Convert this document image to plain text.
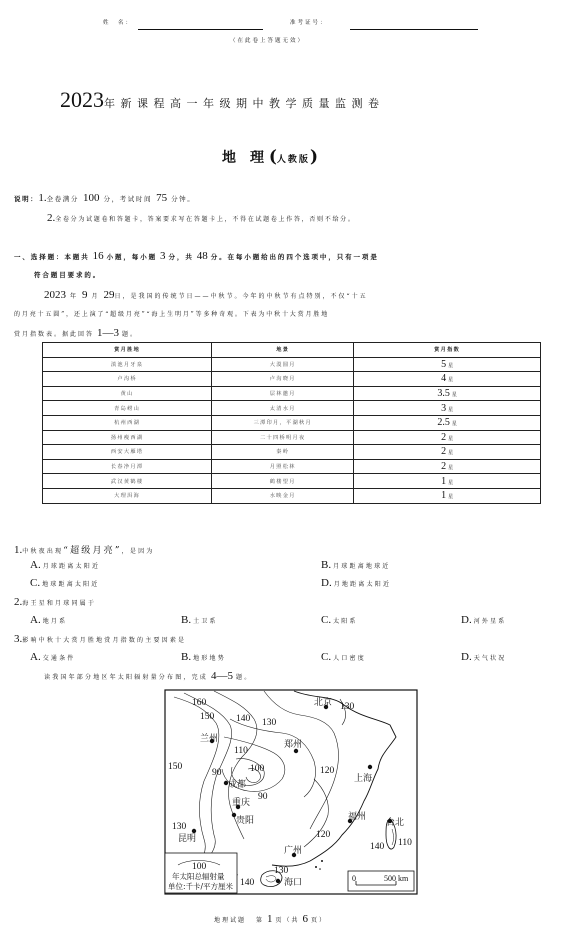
姓　名：	准考证号：
（在此卷上答题无效）
2023年新课程高一年级期中教学质量监测卷
地　理 (人教版)
说明：1.全卷满分 100 分，考试时间 75 分钟。
2.全卷分为试题卷和答题卡，答案要求写在答题卡上，不得在试题卷上作答，否则不给分。
一、选择题：本题共 16 小题，每小题 3 分，共 48 分。在每小题给出的四个选项中，只有一项是
符合题目要求的。
2023 年 9 月 29日，是我国的传统节日——中秋节。今年的中秋节有点特别，不仅“十五
的月亮十五圆”，还上演了“超级月亮”“海上生明月”等多种奇观。下表为中秋十大赏月胜地
赏月指数表。据此回答 1—3 题。
赏月胜地	地景	赏月指数
滇池月牙泉	大漠圆月	5 星
卢沟桥	卢沟晓月	4 星
黄山	层林邀月	3.5 星
青岛崂山	太清水月	3 星
杭州西湖	三潭印月，平湖秋月	2.5 星
扬州瘦西湖	二十四桥明月夜	2 星
西安大雁塔	秦岭	2 星
长春净月潭	月照松林	2 星
武汉黄鹤楼	鹤楼望月	1 星
大理洱海	水映金月	1 星
1.中秋夜出现“超级月亮”，是因为
A. 月球距离太阳近	B. 月球距离地球近
C. 地球距离太阳近	D. 月地距离太阳近
2.海王星和月球同属于
A. 地月系	B. 土卫系	C. 太阳系	D. 河外星系
3.影响中秋十大赏月胜地赏月指数的主要因素是
A. 交通条件	B. 地形地势	C. 人口密度	D. 天气状况
读我国年部分地区年太阳辐射量分布图，完成 4—5 题。
北京
兰州
郑州
成都
重庆
贵阳
上海
福州
台北
广州
昆明
海口
160
150 140 130
130
110
100	120
90
90
150
130
120
140 110
140
130
100
年太阳总辐射量
单位:千卡/平方厘米
0	500 km
地理试题 第 1 页（共 6 页）
